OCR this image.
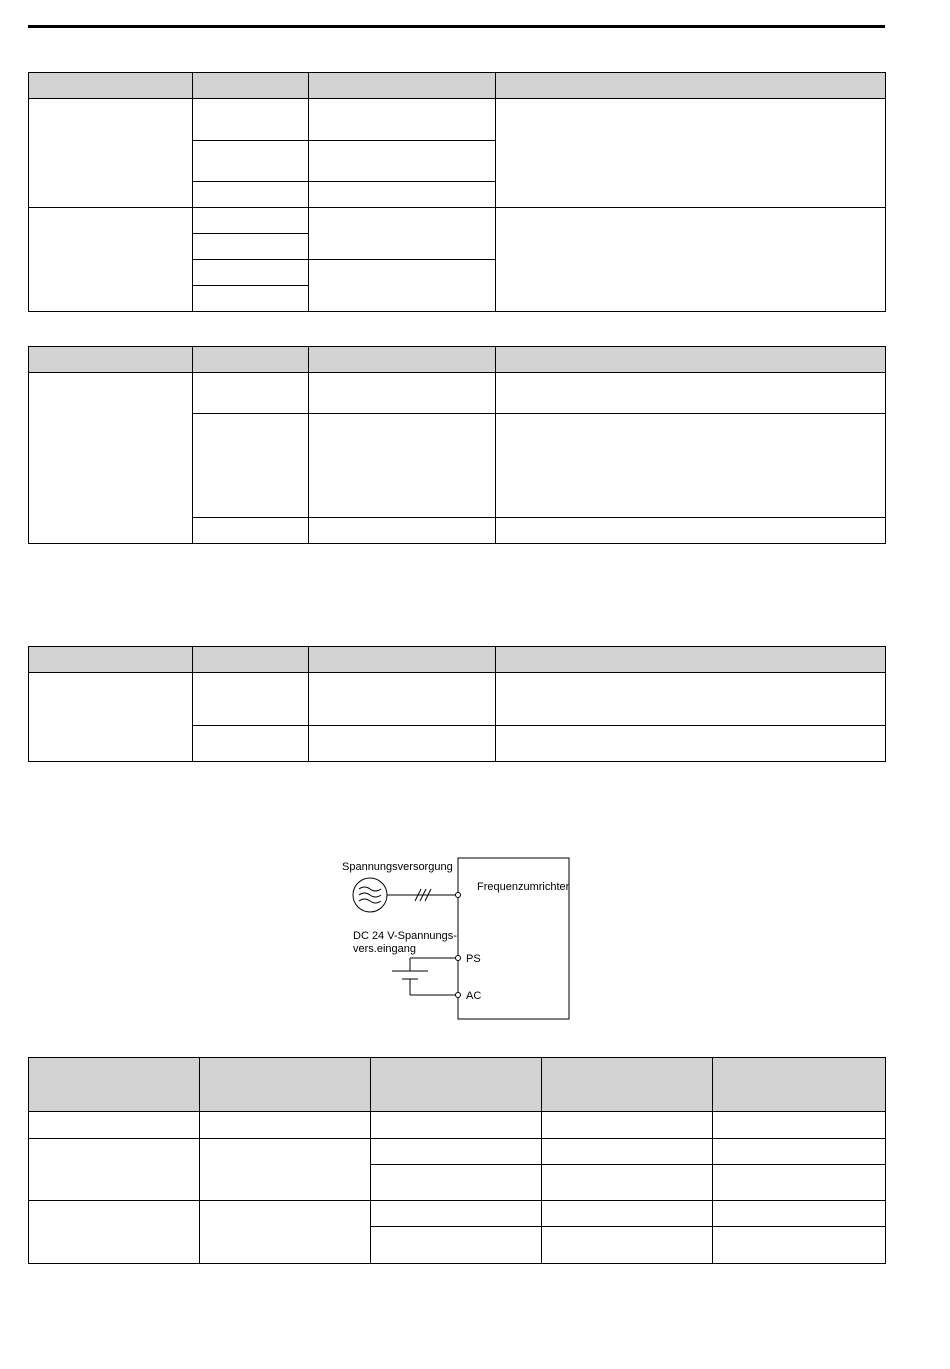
Frequenzumrichter
Spannungsversorgung
DC 24 V-Spannungs-
vers.eingang
PS
AC
